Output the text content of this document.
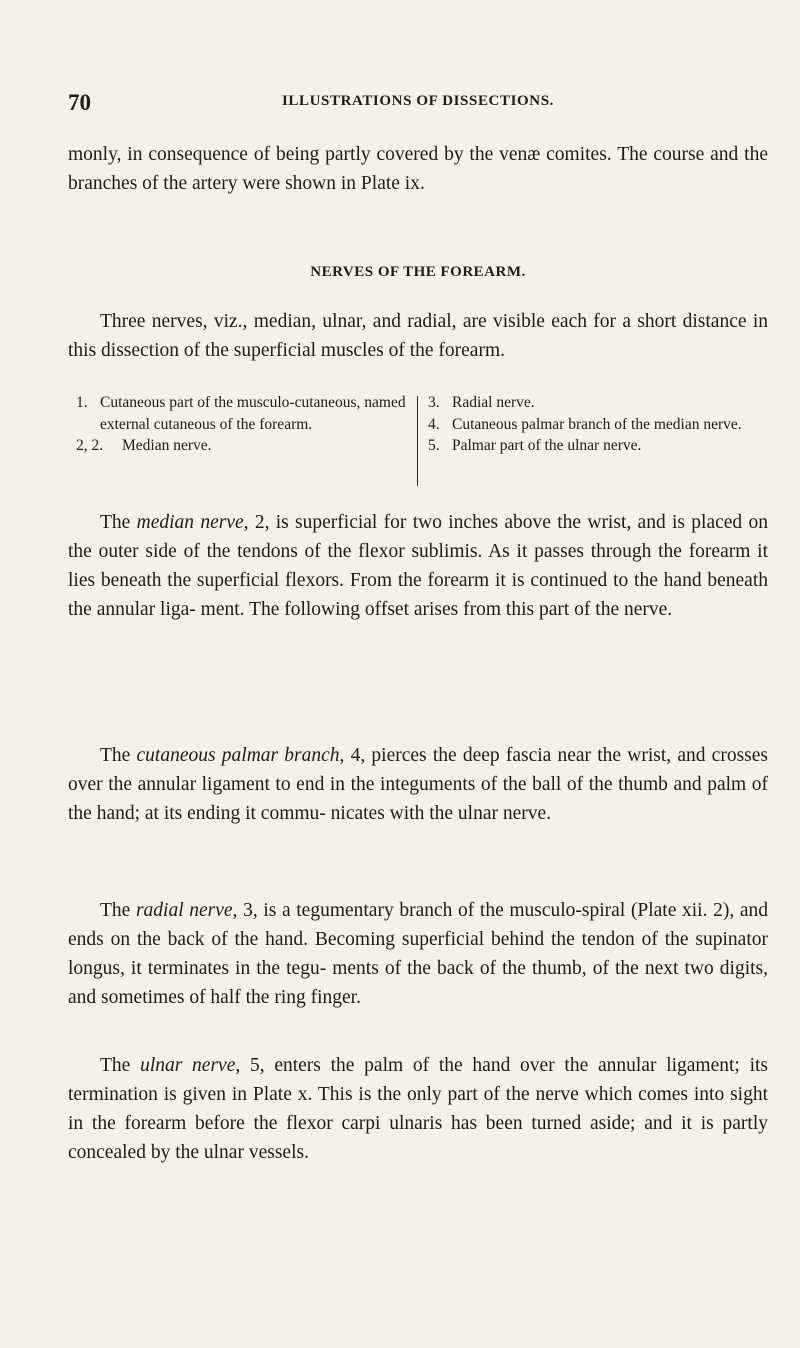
70	ILLUSTRATIONS OF DISSECTIONS.

monly, in consequence of being partly covered by the venæ comites. The course and the branches of the artery were shown in Plate ix.

NERVES OF THE FOREARM.

Three nerves, viz., median, ulnar, and radial, are visible each for a short distance in this dissection of the superficial muscles of the forearm.

1. Cutaneous part of the musculo-cutaneous, named external cutaneous of the forearm.
2, 2. Median nerve.
3. Radial nerve.
4. Cutaneous palmar branch of the median nerve.
5. Palmar part of the ulnar nerve.

The median nerve, 2, is superficial for two inches above the wrist, and is placed on the outer side of the tendons of the flexor sublimis. As it passes through the forearm it lies beneath the superficial flexors. From the forearm it is continued to the hand beneath the annular liga- ment. The following offset arises from this part of the nerve.

The cutaneous palmar branch, 4, pierces the deep fascia near the wrist, and crosses over the annular ligament to end in the integuments of the ball of the thumb and palm of the hand; at its ending it commu- nicates with the ulnar nerve.

The radial nerve, 3, is a tegumentary branch of the musculo-spiral (Plate xii. 2), and ends on the back of the hand. Becoming superficial behind the tendon of the supinator longus, it terminates in the tegu- ments of the back of the thumb, of the next two digits, and sometimes of half the ring finger.

The ulnar nerve, 5, enters the palm of the hand over the annular ligament; its termination is given in Plate x. This is the only part of the nerve which comes into sight in the forearm before the flexor carpi ulnaris has been turned aside; and it is partly concealed by the ulnar vessels.
